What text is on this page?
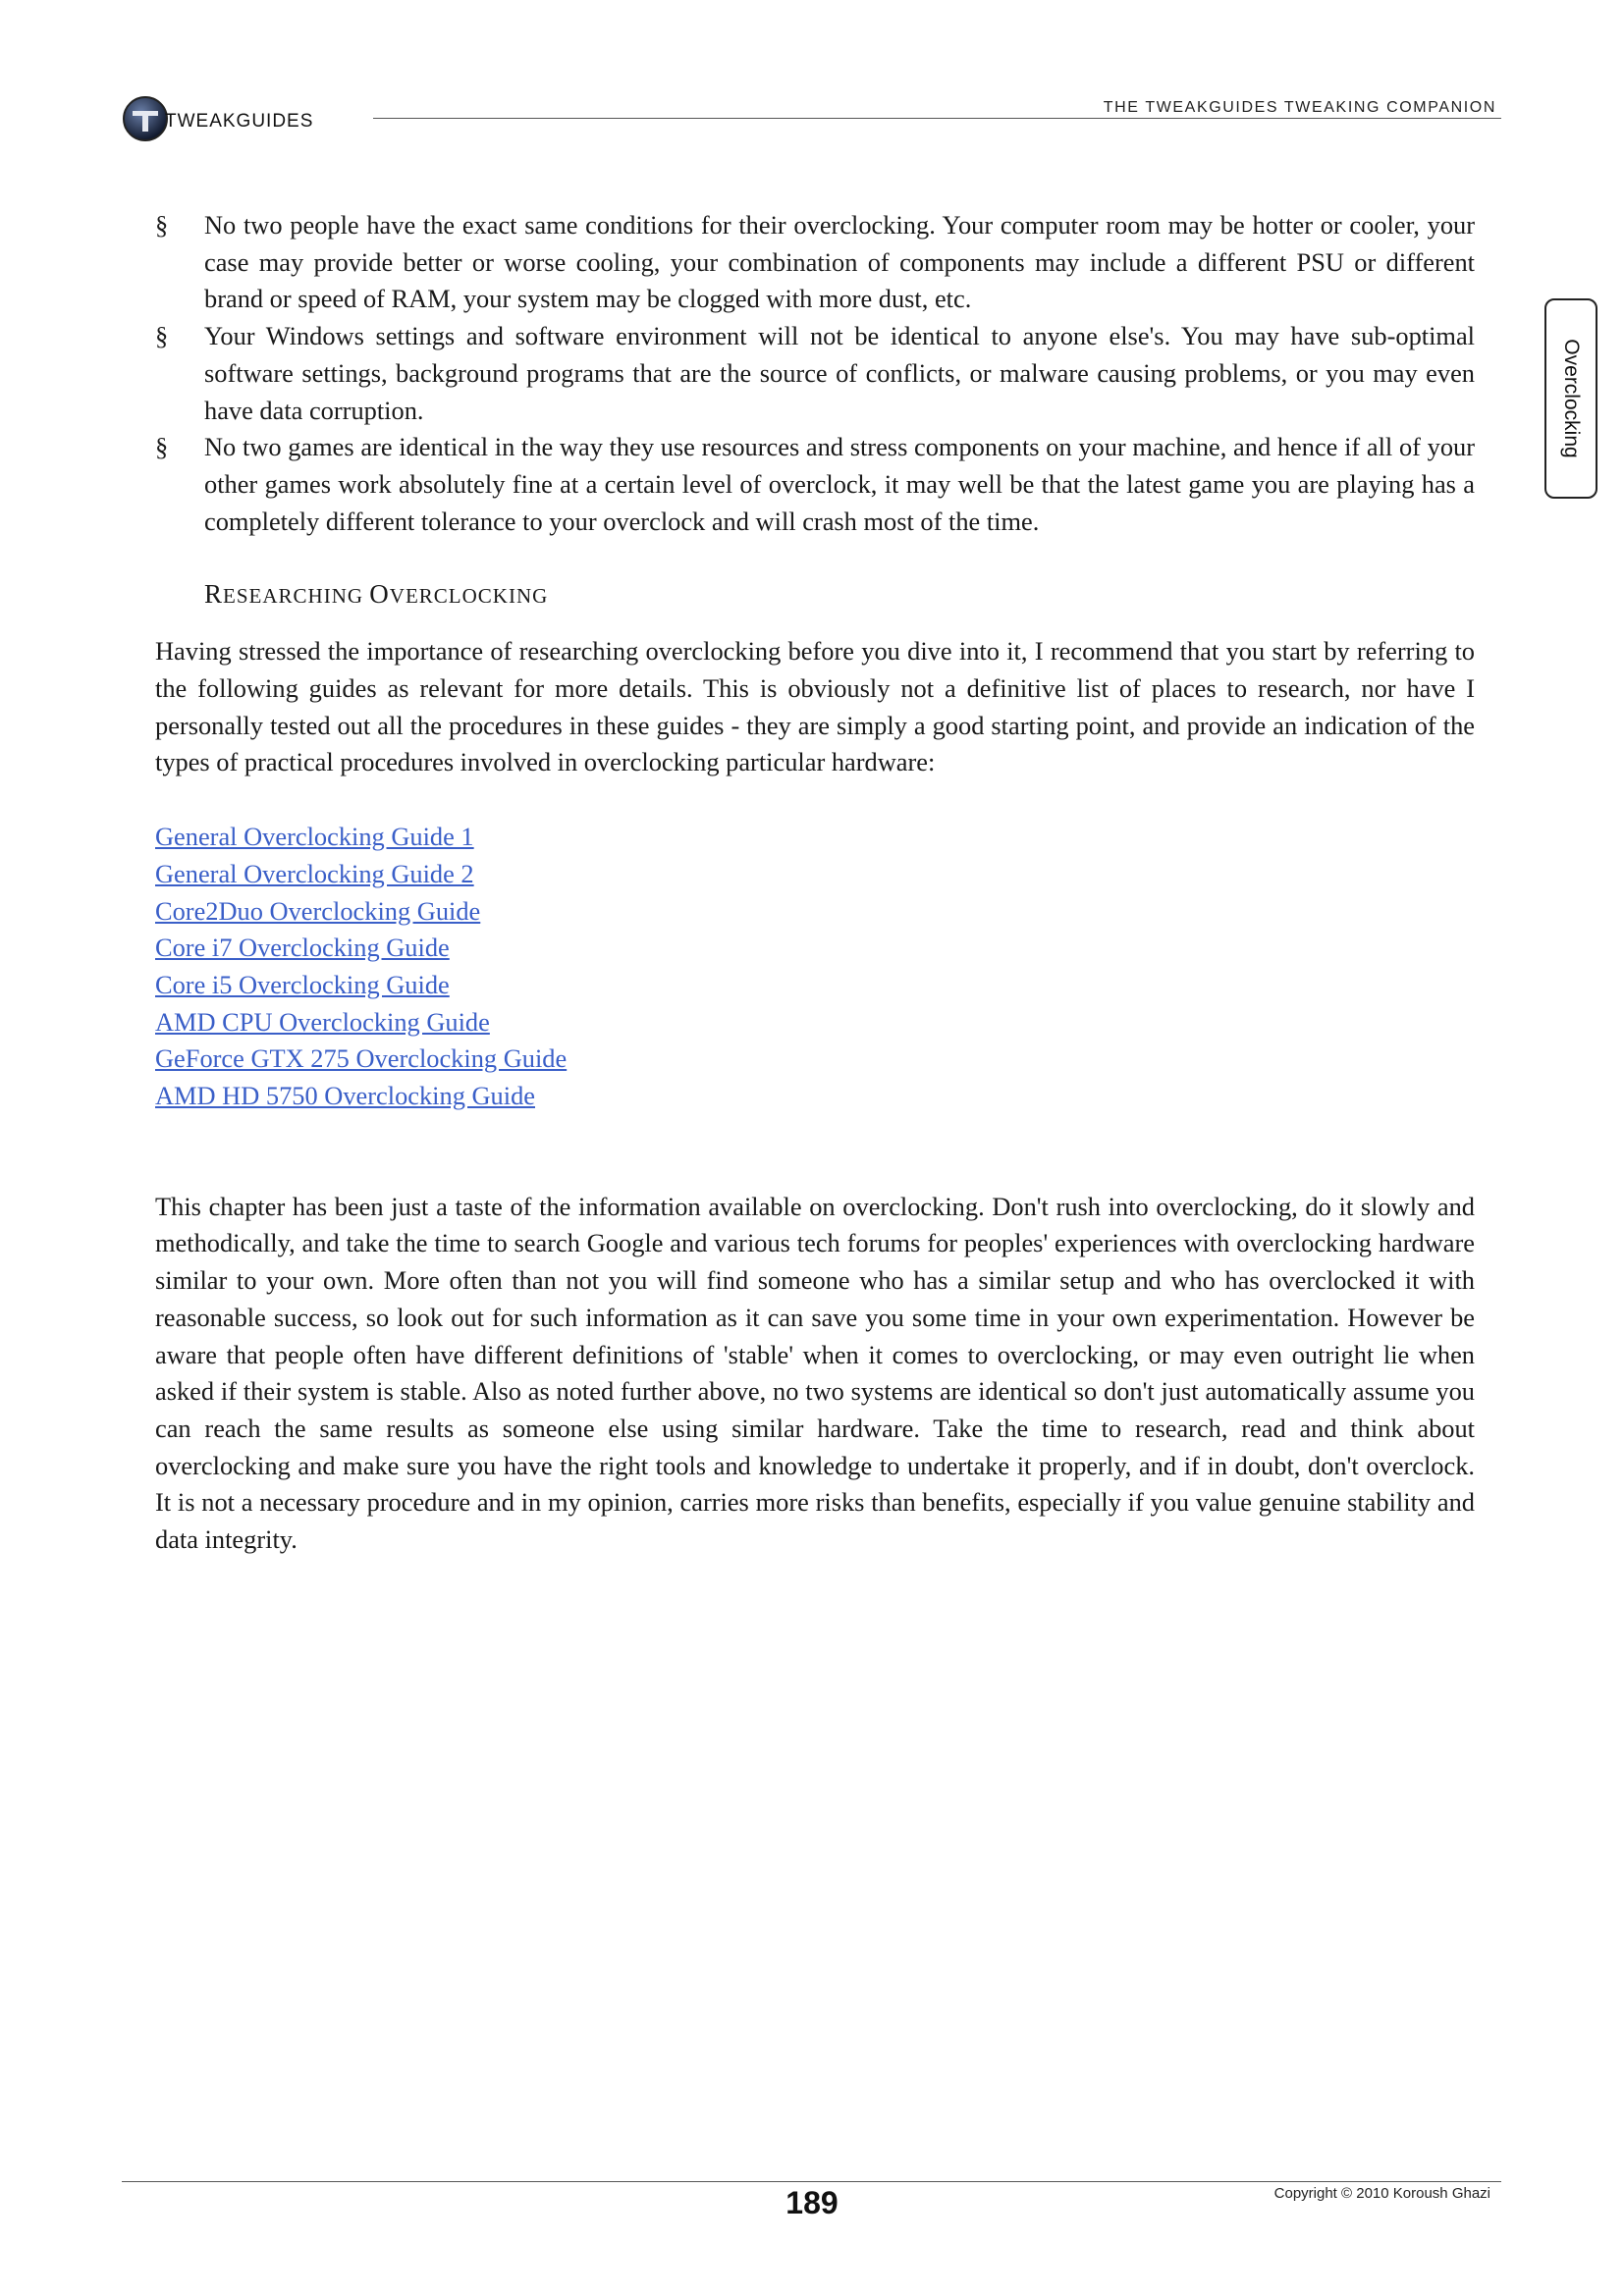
TWEAKGUIDES
THE TWEAKGUIDES TWEAKING COMPANION
Overclocking
§ No two people have the exact same conditions for their overclocking. Your computer room may be hotter or cooler, your case may provide better or worse cooling, your combination of components may include a different PSU or different brand or speed of RAM, your system may be clogged with more dust, etc.
§ Your Windows settings and software environment will not be identical to anyone else's. You may have sub-optimal software settings, background programs that are the source of conflicts, or malware causing problems, or you may even have data corruption.
§ No two games are identical in the way they use resources and stress components on your machine, and hence if all of your other games work absolutely fine at a certain level of overclock, it may well be that the latest game you are playing has a completely different tolerance to your overclock and will crash most of the time.
RESEARCHING OVERCLOCKING

Having stressed the importance of researching overclocking before you dive into it, I recommend that you start by referring to the following guides as relevant for more details. This is obviously not a definitive list of places to research, nor have I personally tested out all the procedures in these guides - they are simply a good starting point, and provide an indication of the types of practical procedures involved in overclocking particular hardware:

General Overclocking Guide 1
General Overclocking Guide 2
Core2Duo Overclocking Guide
Core i7 Overclocking Guide
Core i5 Overclocking Guide
AMD CPU Overclocking Guide
GeForce GTX 275 Overclocking Guide
AMD HD 5750 Overclocking Guide

This chapter has been just a taste of the information available on overclocking. Don't rush into overclocking, do it slowly and methodically, and take the time to search Google and various tech forums for peoples' experiences with overclocking hardware similar to your own. More often than not you will find someone who has a similar setup and who has overclocked it with reasonable success, so look out for such information as it can save you some time in your own experimentation. However be aware that people often have different definitions of 'stable' when it comes to overclocking, or may even outright lie when asked if their system is stable. Also as noted further above, no two systems are identical so don't just automatically assume you can reach the same results as someone else using similar hardware. Take the time to research, read and think about overclocking and make sure you have the right tools and knowledge to undertake it properly, and if in doubt, don't overclock. It is not a necessary procedure and in my opinion, carries more risks than benefits, especially if you value genuine stability and data integrity.

189	Copyright © 2010 Koroush Ghazi
